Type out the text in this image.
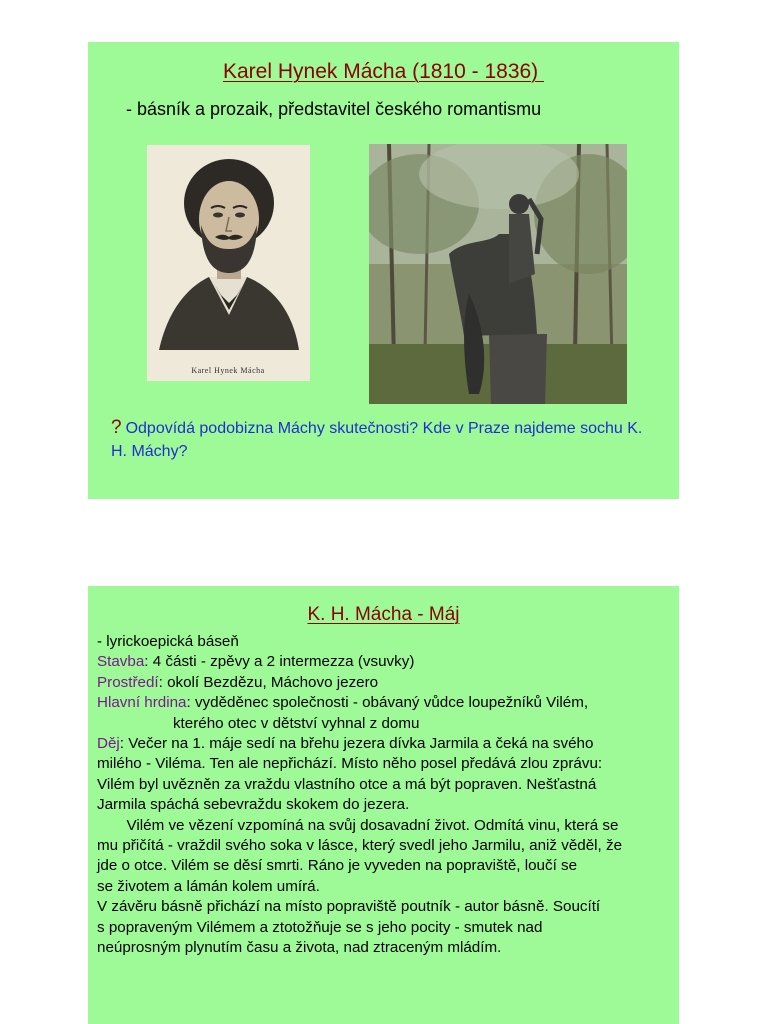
Karel Hynek Mácha (1810 - 1836)
- básník a prozaik, představitel českého romantismu
Karel Hynek Mácha
? Odpovídá podobizna Máchy skutečnosti? Kde v Praze najdeme sochu K. H. Máchy?
K. H. Mácha - Máj
- lyrickoepická báseň
Stavba: 4 části - zpěvy a 2 intermezza (vsuvky)
Prostředí: okolí Bezdězu, Máchovo jezero
Hlavní hrdina: vyděděnec společnosti - obávaný vůdce loupežníků Vilém,
kterého otec v dětství vyhnal z domu
Děj: Večer na 1. máje sedí na břehu jezera dívka Jarmila a čeká na svého
milého - Viléma. Ten ale nepřichází. Místo něho posel předává zlou zprávu:
Vilém byl uvězněn za vraždu vlastního otce a má být popraven. Nešťastná
Jarmila spáchá sebevraždu skokem do jezera.
Vilém ve vězení vzpomíná na svůj dosavadní život. Odmítá vinu, která se
mu přičítá - vraždil svého soka v lásce, který svedl jeho Jarmilu, aniž věděl, že
jde o otce. Vilém se děsí smrti. Ráno je vyveden na popraviště, loučí se
se životem a lámán kolem umírá.
V závěru básně přichází na místo popraviště poutník - autor básně. Soucítí
s popraveným Vilémem a ztotožňuje se s jeho pocity - smutek nad
neúprosným plynutím času a života, nad ztraceným mládím.
